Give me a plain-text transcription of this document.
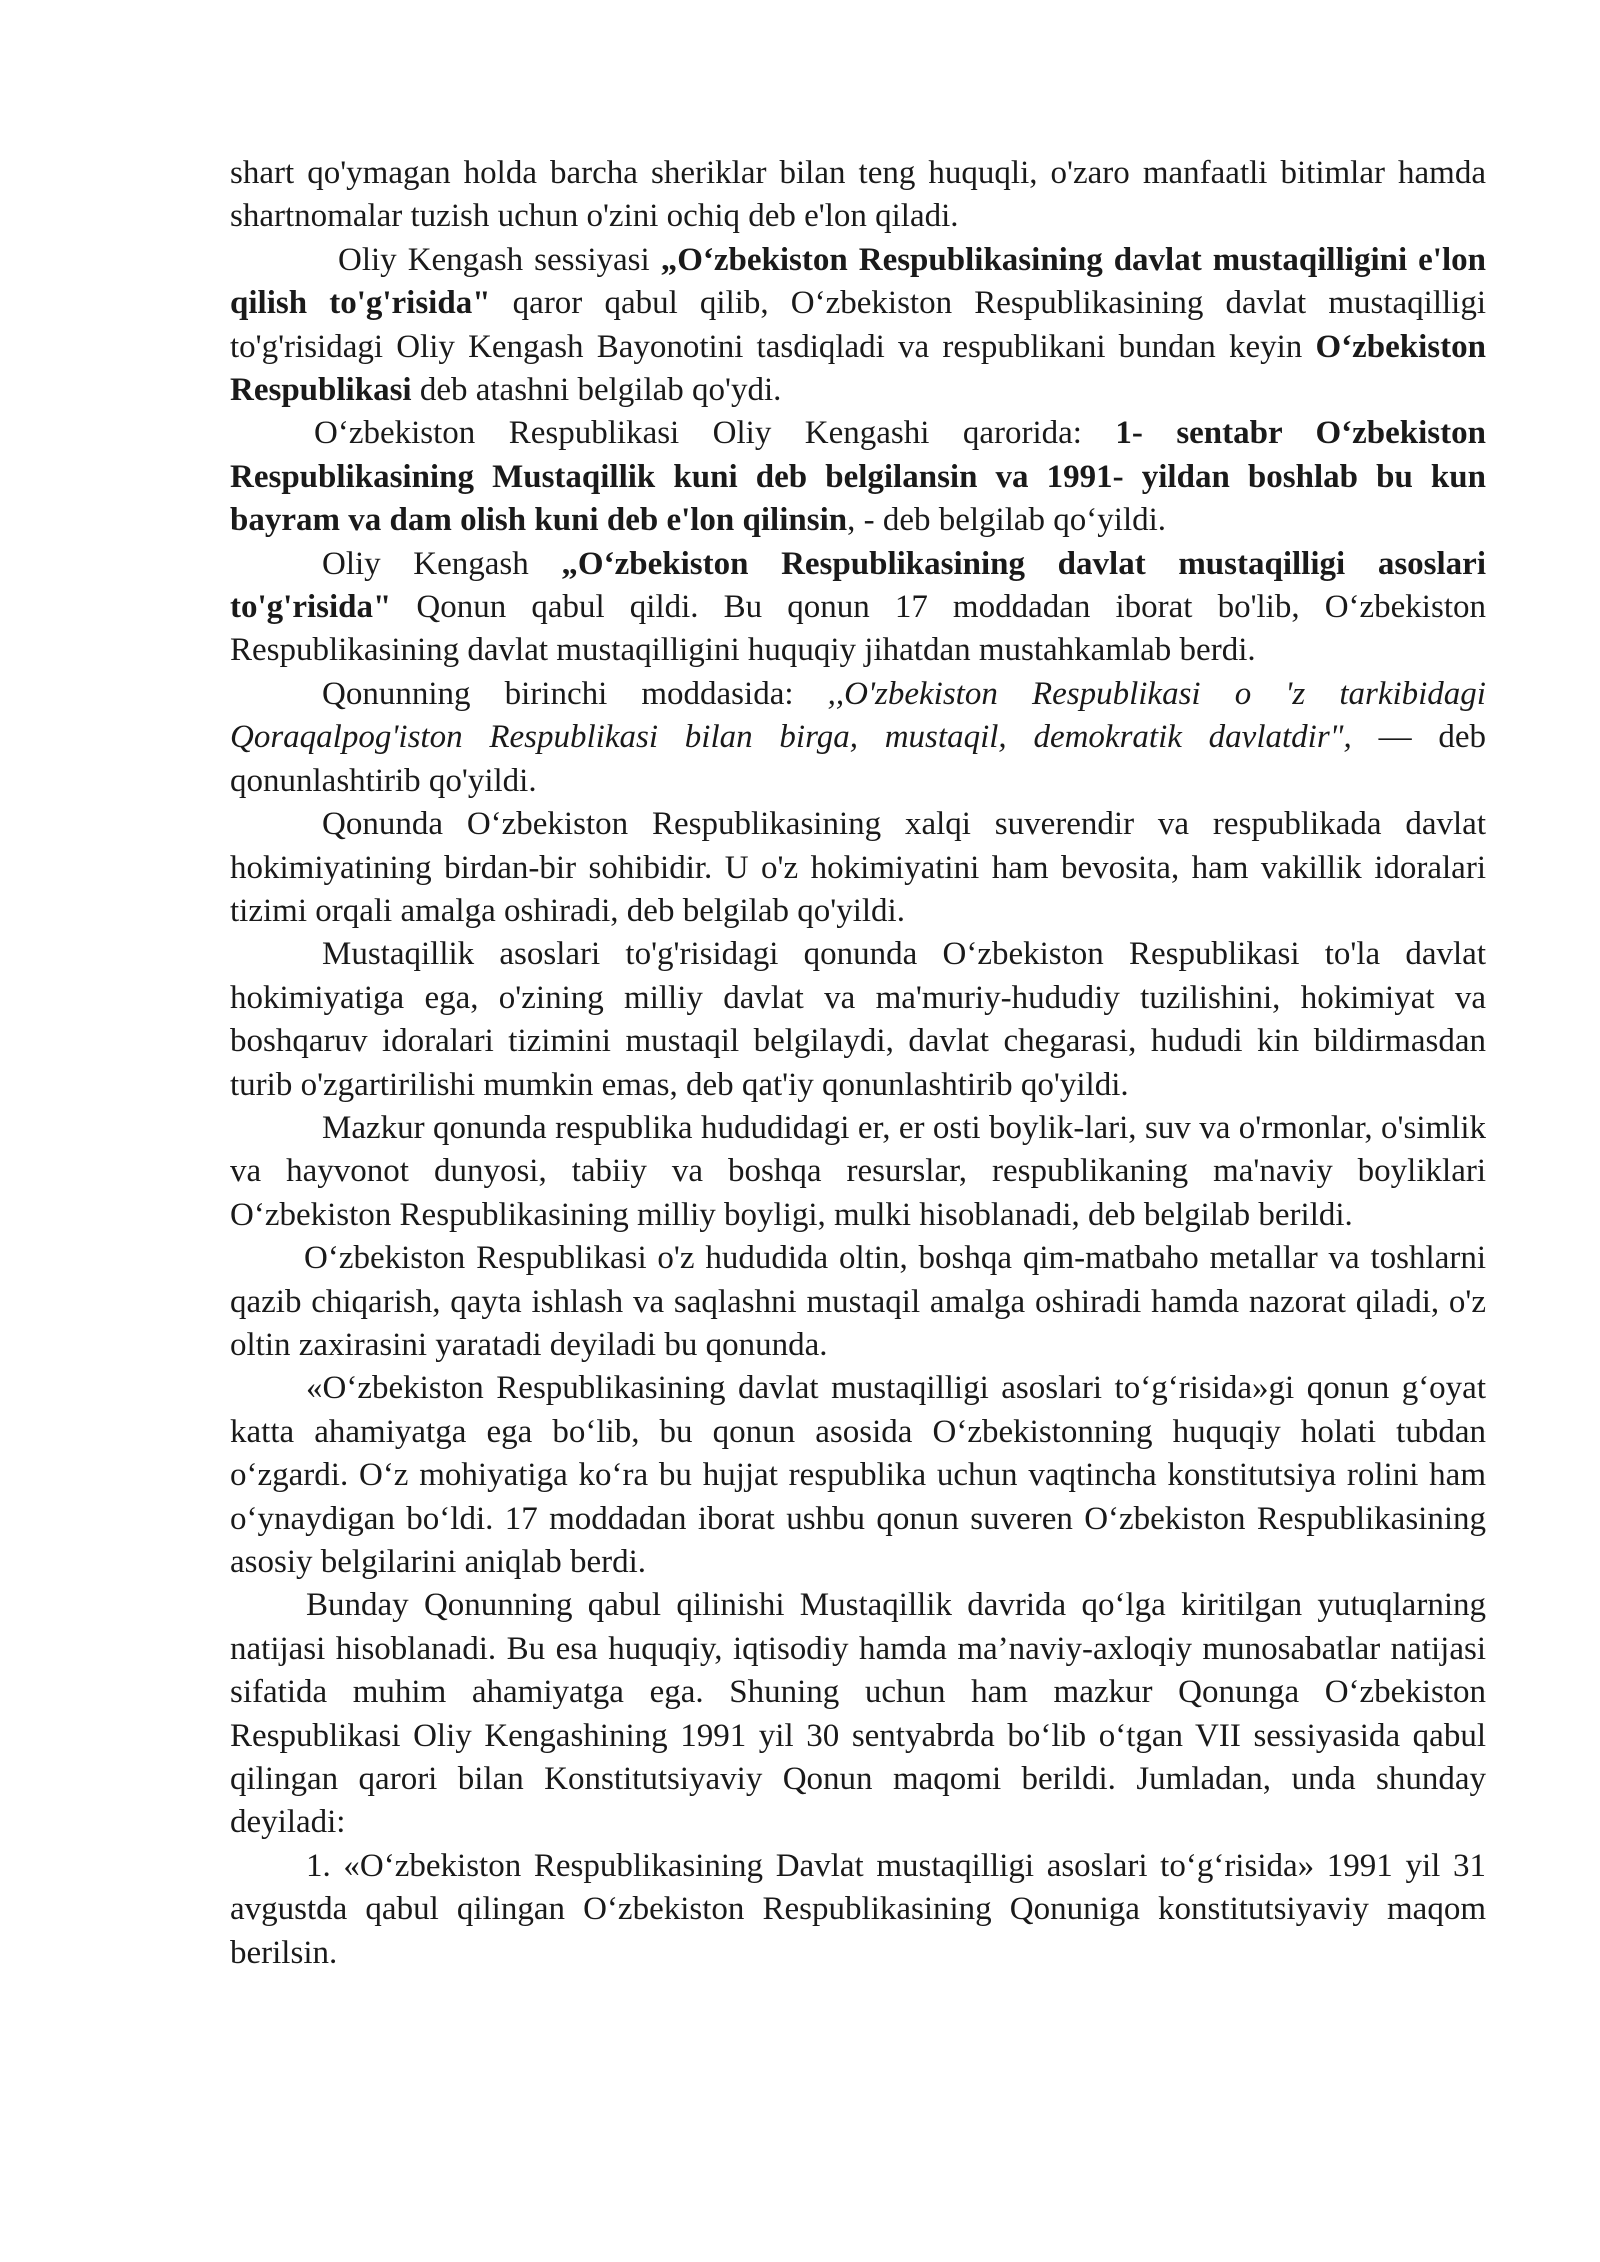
shart qo'ymagan holda barcha sheriklar bilan teng huquqli, o'zaro manfaatli bitimlar hamda shartnomalar tuzish uchun o'zini ochiq deb e'lon qiladi.

Oliy Kengash sessiyasi „O‘zbekiston Respublikasining davlat mustaqilligini e'lon qilish to'g'risida" qaror qabul qilib, O‘zbekiston Respublikasining davlat mustaqilligi to'g'risidagi Oliy Kengash Bayonotini tasdiqladi va respublikani bundan keyin O‘zbekiston Respublikasi deb atashni belgilab qo'ydi.

O‘zbekiston Respublikasi Oliy Kengashi qarorida: 1- sentabr O‘zbekiston Respublikasining Mustaqillik kuni deb belgilansin va 1991- yildan boshlab bu kun bayram va dam olish kuni deb e'lon qilinsin, - deb belgilab qo‘yildi.

Oliy Kengash „O‘zbekiston Respublikasining davlat mustaqilligi asoslari to'g'risida" Qonun qabul qildi. Bu qonun 17 moddadan iborat bo'lib, O‘zbekiston Respublikasining davlat mustaqilligini huquqiy jihatdan mustahkamlab berdi.

Qonunning birinchi moddasida: ,,O'zbekiston Respublikasi o 'z tarkibidagi Qoraqalpog'iston Respublikasi bilan birga, mustaqil, demokratik davlatdir", — deb qonunlashtirib qo'yildi.

Qonunda O‘zbekiston Respublikasining xalqi suverendir va respublikada davlat hokimiyatining birdan-bir sohibidir. U o'z hokimiyatini ham bevosita, ham vakillik idoralari tizimi orqali amalga oshiradi, deb belgilab qo'yildi.

Mustaqillik asoslari to'g'risidagi qonunda O‘zbekiston Respublikasi to'la davlat hokimiyatiga ega, o'zining milliy davlat va ma'muriy-hududiy tuzilishini, hokimiyat va boshqaruv idoralari tizimini mustaqil belgilaydi, davlat chegarasi, hududi kin bildirmasdan turib o'zgartirilishi mumkin emas, deb qat'iy qonunlashtirib qo'yildi.

Mazkur qonunda respublika hududidagi er, er osti boylik-lari, suv va o'rmonlar, o'simlik va hayvonot dunyosi, tabiiy va boshqa resurslar, respublikaning ma'naviy boyliklari O‘zbekiston Respublikasining milliy boyligi, mulki hisoblanadi, deb belgilab berildi.

O‘zbekiston Respublikasi o'z hududida oltin, boshqa qim-matbaho metallar va toshlarni qazib chiqarish, qayta ishlash va saqlashni mustaqil amalga oshiradi hamda nazorat qiladi, o'z oltin zaxirasini yaratadi deyiladi bu qonunda.

«O‘zbekiston Respublikasining davlat mustaqilligi asoslari to‘g‘risida»gi qonun g‘oyat katta ahamiyatga ega bo‘lib, bu qonun asosida O‘zbekistonning huquqiy holati tubdan o‘zgardi. O‘z mohiyatiga ko‘ra bu hujjat respublika uchun vaqtincha konstitutsiya rolini ham o‘ynaydigan bo‘ldi. 17 moddadan iborat ushbu qonun suveren O‘zbekiston Respublikasining asosiy belgilarini aniqlab berdi.

Bunday Qonunning qabul qilinishi Mustaqillik davrida qo‘lga kiritilgan yutuqlarning natijasi hisoblanadi. Bu esa huquqiy, iqtisodiy hamda ma’naviy-axloqiy munosabatlar natijasi sifatida muhim ahamiyatga ega. Shuning uchun ham mazkur Qonunga O‘zbekiston Respublikasi Oliy Kengashining 1991 yil 30 sentyabrda bo‘lib o‘tgan VII sessiyasida qabul qilingan qarori bilan Konstitutsiyaviy Qonun maqomi berildi. Jumladan, unda shunday deyiladi:

1. «O‘zbekiston Respublikasining Davlat mustaqilligi asoslari to‘g‘risida» 1991 yil 31 avgustda qabul qilingan O‘zbekiston Respublikasining Qonuniga konstitutsiyaviy maqom berilsin.
